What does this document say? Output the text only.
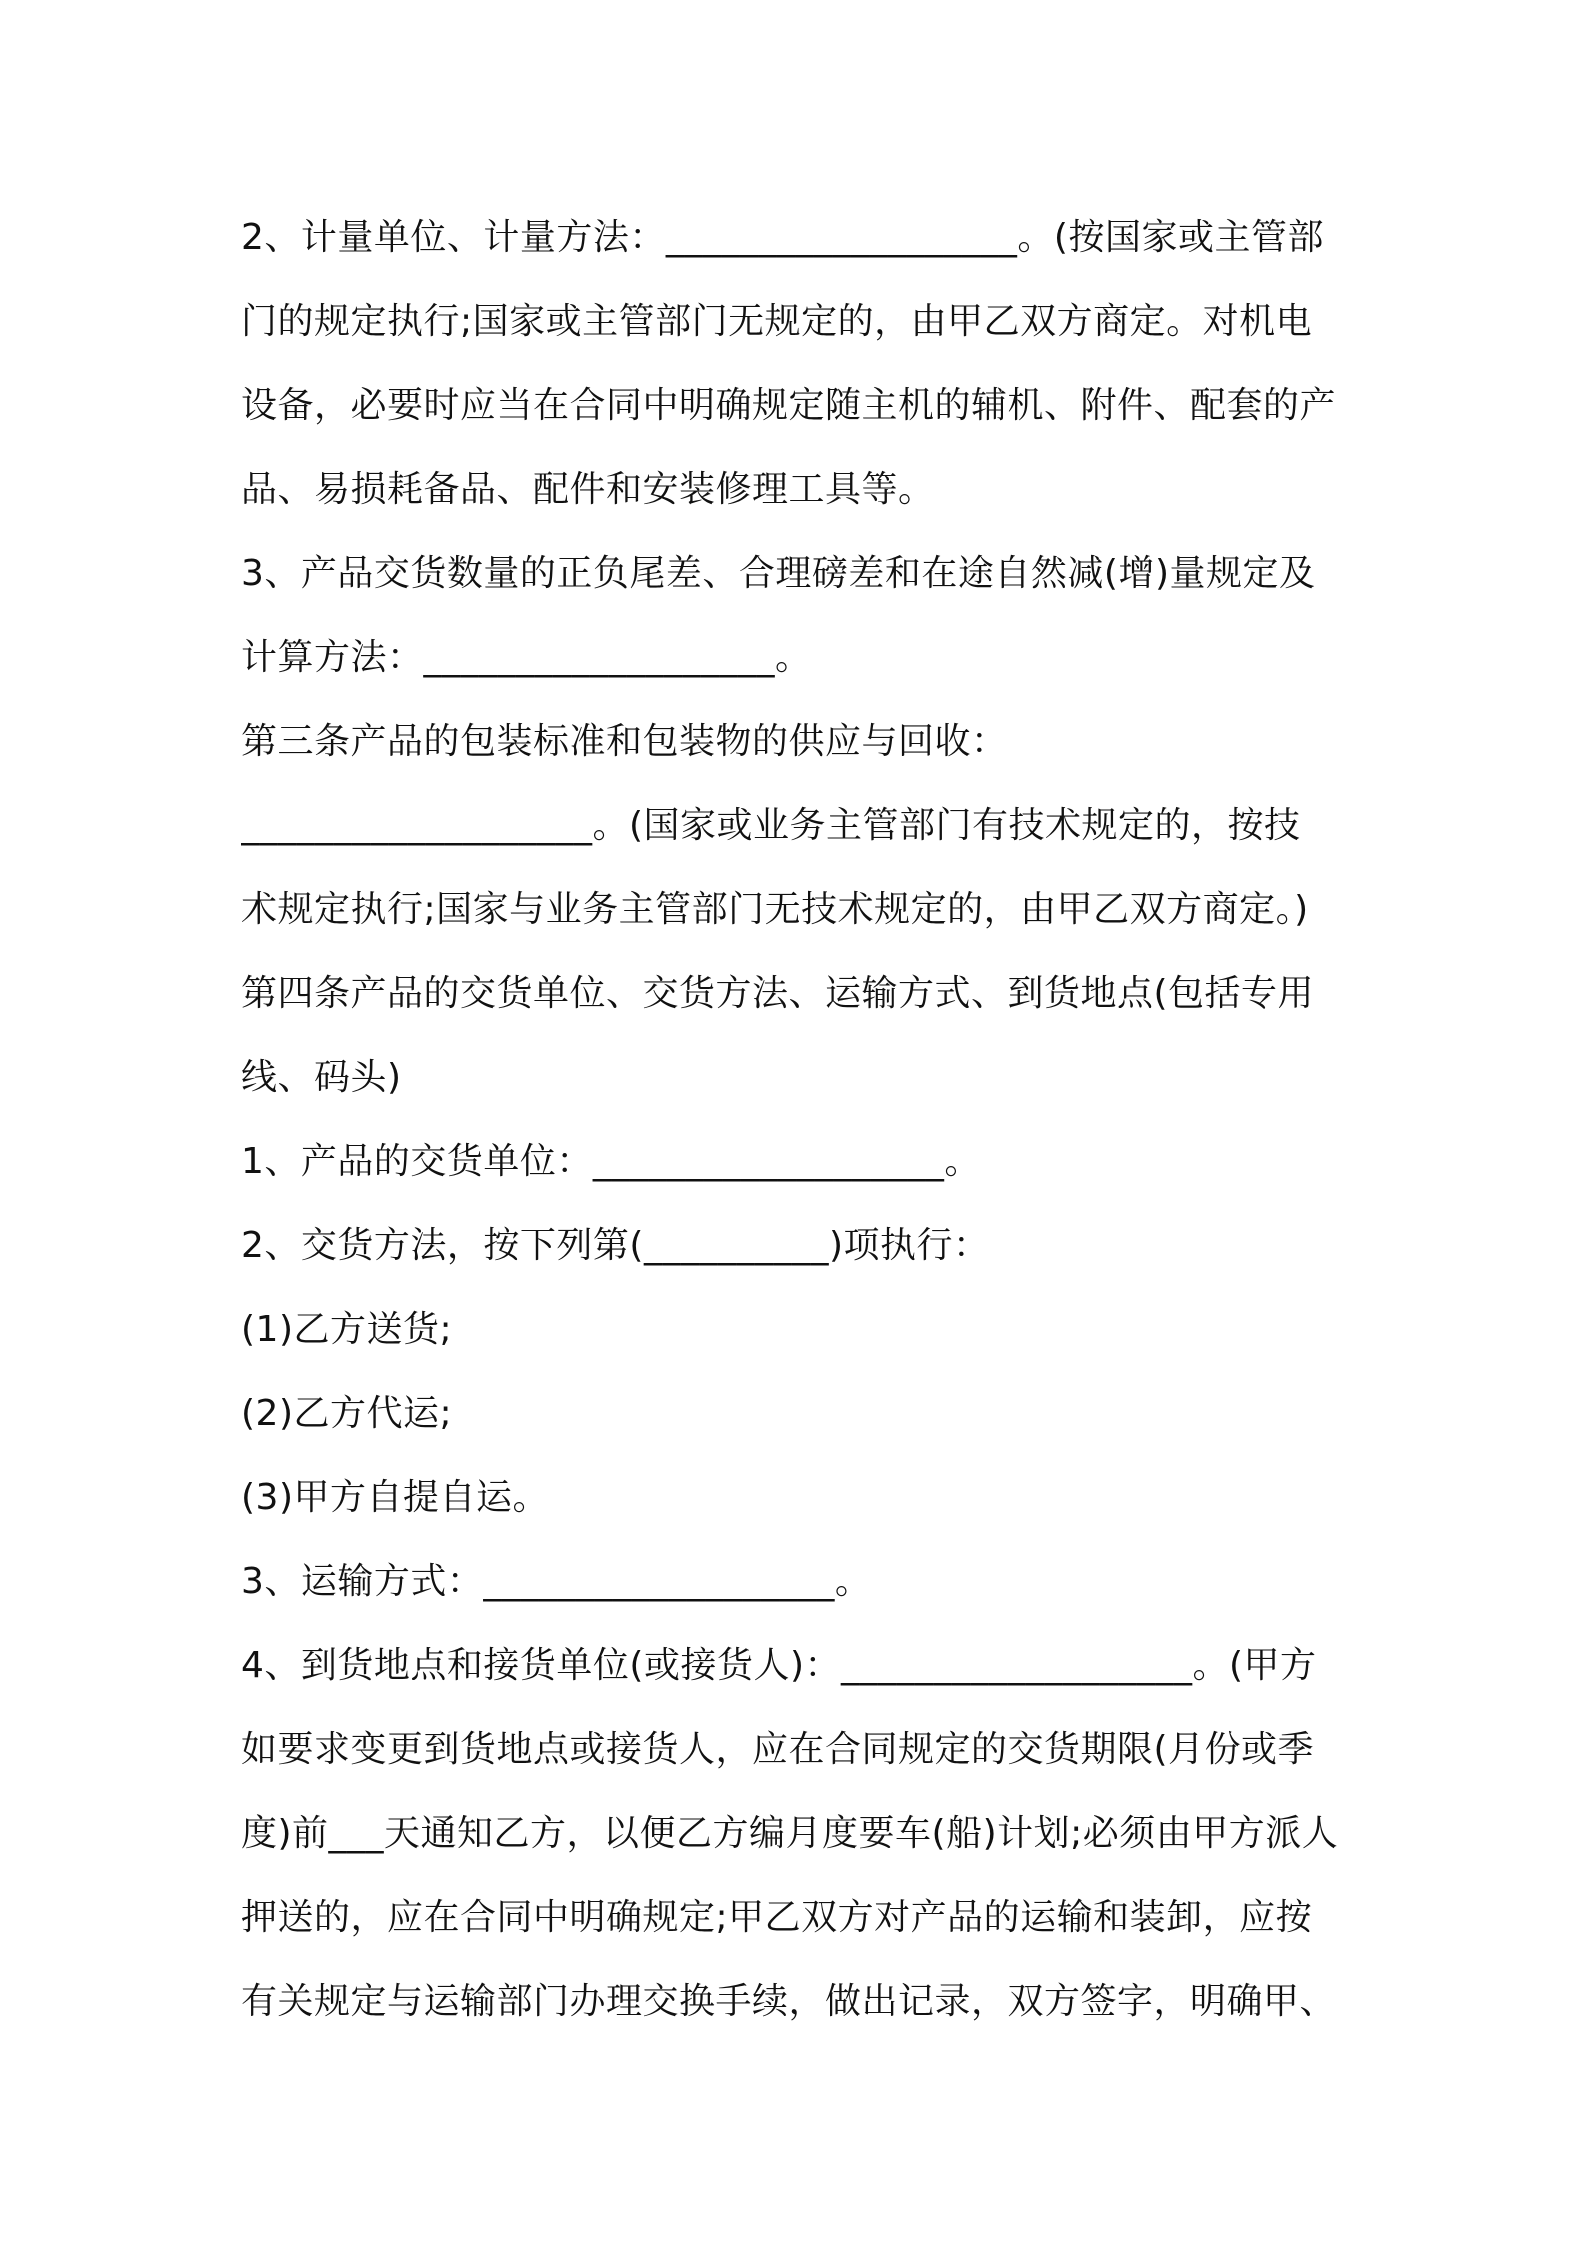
2、计量单位、计量方法：___________________。(按国家或主管部
门的规定执行;国家或主管部门无规定的，由甲乙双方商定。对机电
设备，必要时应当在合同中明确规定随主机的辅机、附件、配套的产
品、易损耗备品、配件和安装修理工具等。
3、产品交货数量的正负尾差、合理磅差和在途自然减(增)量规定及
计算方法：___________________。
第三条产品的包装标准和包装物的供应与回收：
___________________。(国家或业务主管部门有技术规定的，按技
术规定执行;国家与业务主管部门无技术规定的，由甲乙双方商定。)
第四条产品的交货单位、交货方法、运输方式、到货地点(包括专用
线、码头)
1、产品的交货单位：___________________。
2、交货方法，按下列第(__________)项执行：
(1)乙方送货;
(2)乙方代运;
(3)甲方自提自运。
3、运输方式：___________________。
4、到货地点和接货单位(或接货人)：___________________。(甲方
如要求变更到货地点或接货人，应在合同规定的交货期限(月份或季
度)前___天通知乙方，以便乙方编月度要车(船)计划;必须由甲方派人
押送的，应在合同中明确规定;甲乙双方对产品的运输和装卸，应按
有关规定与运输部门办理交换手续，做出记录，双方签字，明确甲、
